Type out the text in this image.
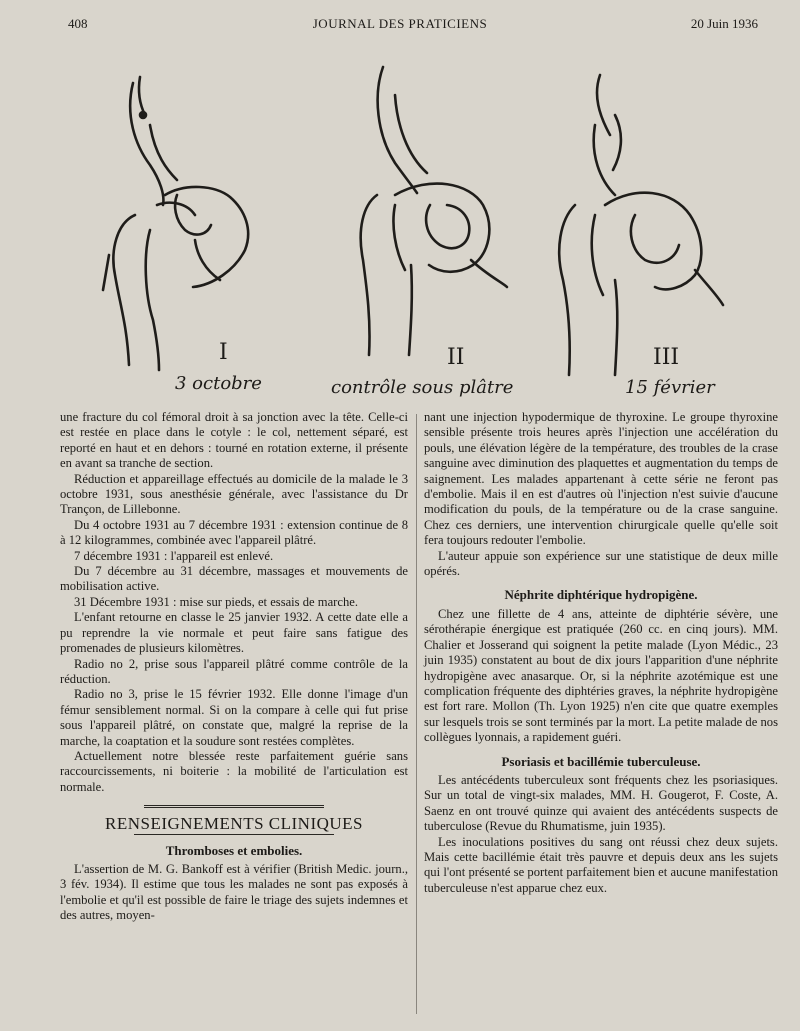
408	JOURNAL DES PRATICIENS	20 Juin 1936
I	II	III
3 octobre	contrôle sous plâtre	15 février

une fracture du col fémoral droit à sa jonction avec la tête. Celle-ci est restée en place dans le cotyle : le col, nettement séparé, est reporté en haut et en dehors : tourné en rotation externe, il présente en avant sa tranche de section.

Réduction et appareillage effectués au domicile de la malade le 3 octobre 1931, sous anesthésie générale, avec l'assistance du Dr Trançon, de Lillebonne.

Du 4 octobre 1931 au 7 décembre 1931 : extension continue de 8 à 12 kilogrammes, combinée avec l'appareil plâtré.

7 décembre 1931 : l'appareil est enlevé.

Du 7 décembre au 31 décembre, massages et mouvements de mobilisation active.

31 Décembre 1931 : mise sur pieds, et essais de marche.

L'enfant retourne en classe le 25 janvier 1932. A cette date elle a pu reprendre la vie normale et peut faire sans fatigue des promenades de plusieurs kilomètres.

Radio no 2, prise sous l'appareil plâtré comme contrôle de la réduction.

Radio no 3, prise le 15 février 1932. Elle donne l'image d'un fémur sensiblement normal. Si on la compare à celle qui fut prise sous l'appareil plâtré, on constate que, malgré la reprise de la marche, la coaptation et la soudure sont restées complètes.

Actuellement notre blessée reste parfaitement guérie sans raccourcissements, ni boiterie : la mobilité de l'articulation est normale.

RENSEIGNEMENTS CLINIQUES
Thromboses et embolies.

L'assertion de M. G. Bankoff est à vérifier (British Medic. journ., 3 fév. 1934). Il estime que tous les malades ne sont pas exposés à l'embolie et qu'il est possible de faire le triage des sujets indemnes et des autres, moyen-

nant une injection hypodermique de thyroxine. Le groupe thyroxine sensible présente trois heures après l'injection une accélération du pouls, une élévation légère de la température, des troubles de la crase sanguine avec diminution des plaquettes et augmentation du temps de saignement. Les malades appartenant à cette série ne feront pas d'embolie. Mais il en est d'autres où l'injection n'est suivie d'aucune modification du pouls, de la température ou de la crase sanguine. Chez ces derniers, une intervention chirurgicale quelle qu'elle soit fera toujours redouter l'embolie.

L'auteur appuie son expérience sur une statistique de deux mille opérés.

Néphrite diphtérique hydropigène.

Chez une fillette de 4 ans, atteinte de diphtérie sévère, une sérothérapie énergique est pratiquée (260 cc. en cinq jours). MM. Chalier et Josserand qui soignent la petite malade (Lyon Médic., 23 juin 1935) constatent au bout de dix jours l'apparition d'une néphrite hydropigène avec anasarque. Or, si la néphrite azotémique est une complication fréquente des diphtéries graves, la néphrite hydropigène est fort rare. Mollon (Th. Lyon 1925) n'en cite que quatre exemples sur lesquels trois se sont terminés par la mort. La petite malade de nos collègues lyonnais, a rapidement guéri.

Psoriasis et bacillémie tuberculeuse.

Les antécédents tuberculeux sont fréquents chez les psoriasiques. Sur un total de vingt-six malades, MM. H. Gougerot, F. Coste, A. Saenz en ont trouvé quinze qui avaient des antécédents suspects de tuberculose (Revue du Rhumatisme, juin 1935).

Les inoculations positives du sang ont réussi chez deux sujets. Mais cette bacillémie était très pauvre et depuis deux ans les sujets qui l'ont présenté se portent parfaitement bien et aucune manifestation tuberculeuse n'est apparue chez eux.
